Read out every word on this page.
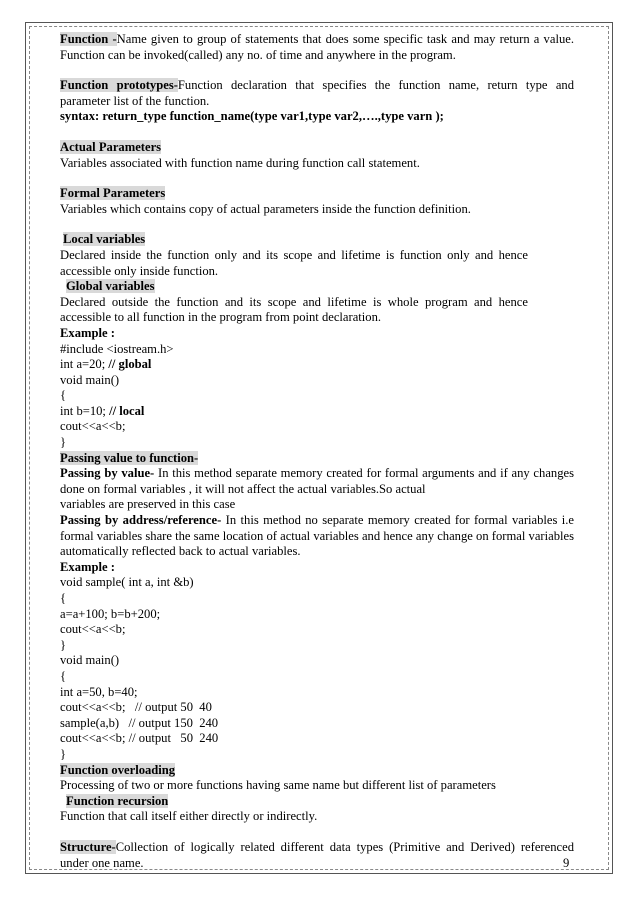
Function -Name given to group of statements that does some specific task and may return a value. Function can be invoked(called) any no. of time and anywhere in the program.

Function prototypes-Function declaration that specifies the function name, return type and parameter list of the function.

syntax: return_type function_name(type var1,type var2,….,type varn );

Actual Parameters

Variables associated with function name during function call statement.

Formal Parameters

Variables which contains copy of actual parameters inside the function definition.

Local variables

Declared inside the function only and its scope and lifetime is function only and hence accessible only inside function.

Global variables

Declared outside the function and its scope and lifetime is whole program and hence accessible to all function in the program from point declaration.

Example :

#include <iostream.h>

int a=20; // global

void main()

{

int b=10; // local

cout<<a<<b;

}

Passing value to function-

Passing by value- In this method separate memory created for formal arguments and if any changes done on formal variables , it will not affect the actual variables.So actual

variables are preserved in this case

Passing by address/reference- In this method no separate memory created for formal variables i.e formal variables share the same location of actual variables and hence any change on formal variables automatically reflected back to actual variables.

Example :

void sample( int a, int &b)

{

a=a+100; b=b+200;

cout<<a<<b;

}

void main()

{

int a=50, b=40;

cout<<a<<b;   // output 50  40

sample(a,b)   // output 150  240

cout<<a<<b; // output   50  240

}

Function overloading

Processing of two or more functions having same name but different list of parameters

Function recursion

Function that call itself either directly or indirectly.

Structure-Collection of logically related different data types (Primitive and Derived) referenced under one name.	9
